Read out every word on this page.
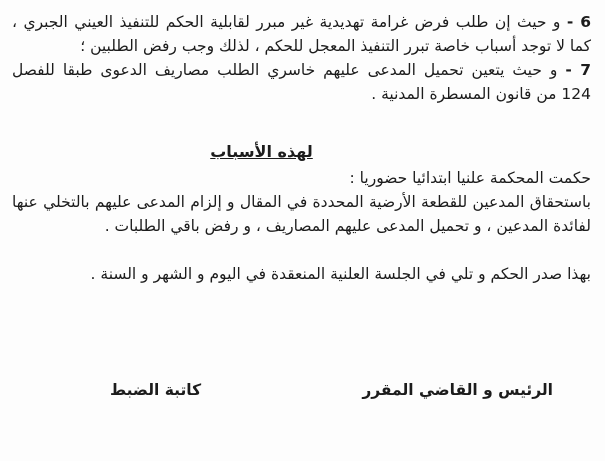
6 - و حيث إن طلب فرض غرامة تهديدية غير مبرر لقابلية الحكم للتنفيذ العيني الجبري ، كما لا توجد أسباب خاصة تبرر التنفيذ المعجل للحكم ، لذلك وجب رفض الطلبين ؛

7 - و حيث يتعين تحميل المدعى عليهم خاسري الطلب مصاريف الدعوى طبقا للفصل 124 من قانون المسطرة المدنية .

لهذه الأسباب

حكمت المحكمة علنيا ابتدائيا حضوريا :

باستحقاق المدعين للقطعة الأرضية المحددة في المقال و إلزام المدعى عليهم بالتخلي عنها لفائدة المدعين ، و تحميل المدعى عليهم المصاريف ، و رفض باقي الطلبات .

بهذا صدر الحكم و تلي في الجلسة العلنية المنعقدة في اليوم و الشهر و السنة .

الرئيس و القاضي المقرر
كاتبة الضبط
